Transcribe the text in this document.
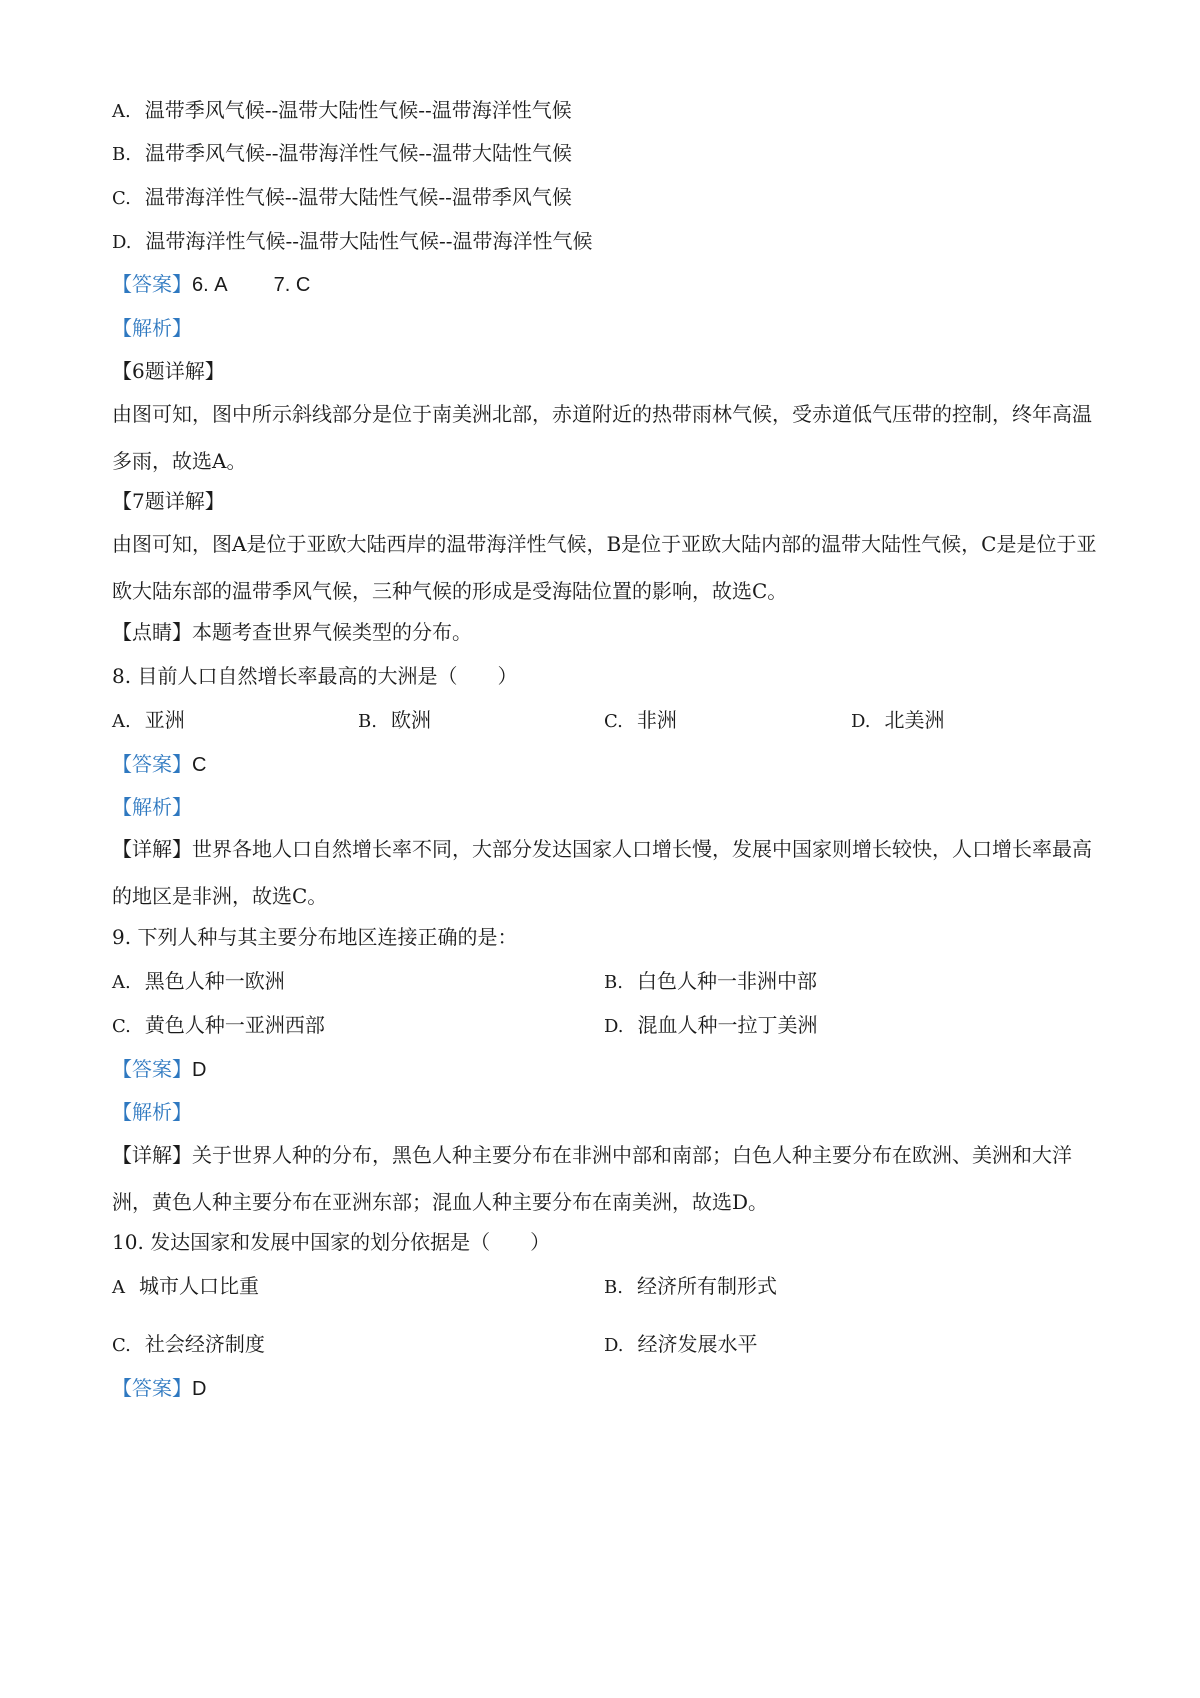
A. 温带季风气候--温带大陆性气候--温带海洋性气候
B. 温带季风气候--温带海洋性气候--温带大陆性气候
C. 温带海洋性气候--温带大陆性气候--温带季风气候
D. 温带海洋性气候--温带大陆性气候--温带海洋性气候
【答案】6. A 7. C
【解析】
【6题详解】
由图可知，图中所示斜线部分是位于南美洲北部，赤道附近的热带雨林气候，受赤道低气压带的控制，终年高温多雨，故选A。
【7题详解】
由图可知，图A是位于亚欧大陆西岸的温带海洋性气候，B是位于亚欧大陆内部的温带大陆性气候，C是是位于亚欧大陆东部的温带季风气候，三种气候的形成是受海陆位置的影响，故选C。
【点睛】本题考查世界气候类型的分布。
8. 目前人口自然增长率最高的大洲是（　　）
A. 亚洲	B. 欧洲	C. 非洲	D. 北美洲
【答案】C
【解析】
【详解】世界各地人口自然增长率不同，大部分发达国家人口增长慢，发展中国家则增长较快，人口增长率最高的地区是非洲，故选C。
9. 下列人种与其主要分布地区连接正确的是：
A. 黑色人种一欧洲	B. 白色人种一非洲中部
C. 黄色人种一亚洲西部	D. 混血人种一拉丁美洲
【答案】D
【解析】
【详解】关于世界人种的分布，黑色人种主要分布在非洲中部和南部；白色人种主要分布在欧洲、美洲和大洋洲，黄色人种主要分布在亚洲东部；混血人种主要分布在南美洲，故选D。
10. 发达国家和发展中国家的划分依据是（　　）
A 城市人口比重	B. 经济所有制形式
C. 社会经济制度	D. 经济发展水平
【答案】D
